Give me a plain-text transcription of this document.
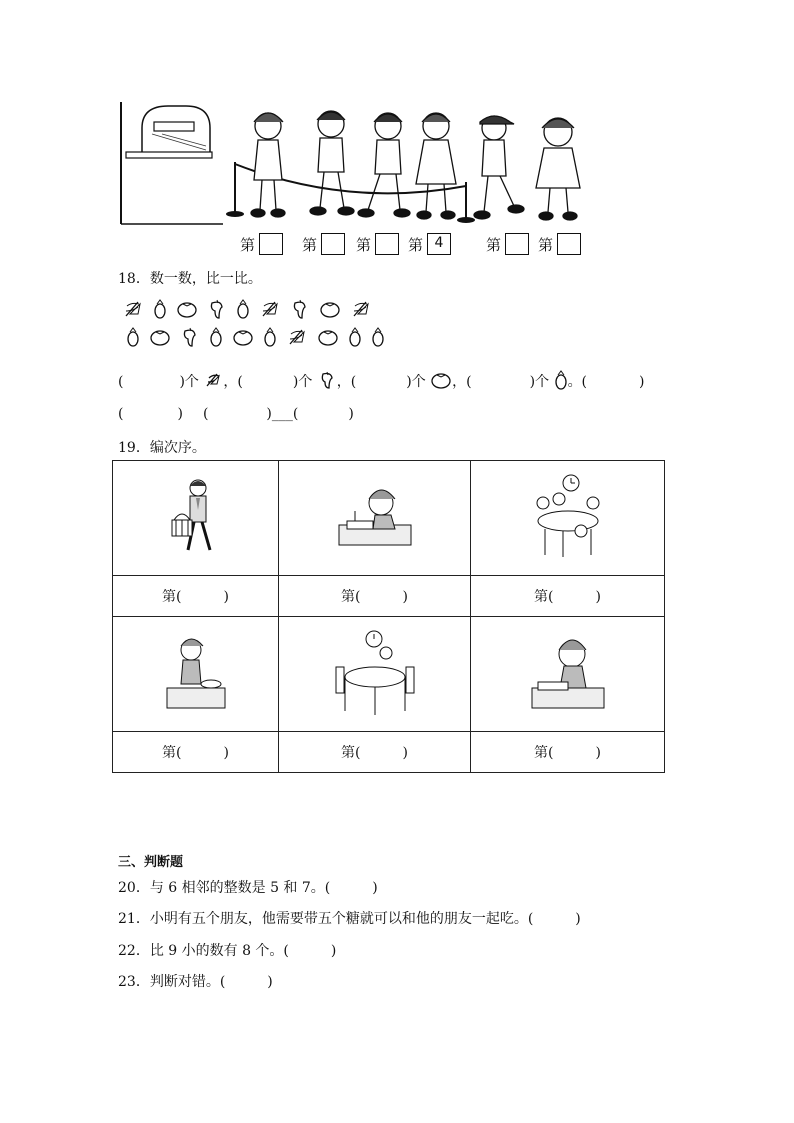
第	第	第 第 4	第 第
18．数一数，比一比。
(	)个 ，(	)个 ，(	)个 ，(	)个 。(	)
(	) (	)___(	)
19．编次序。

第( )	第( )	第( )

第( )	第( )	第( )
三、判断题
20．与 6 相邻的整数是 5 和 7。(　　　)
21．小明有五个朋友，他需要带五个糖就可以和他的朋友一起吃。(　　　)
22．比 9 小的数有 8 个。(　　　)
23．判断对错。(　　　)
